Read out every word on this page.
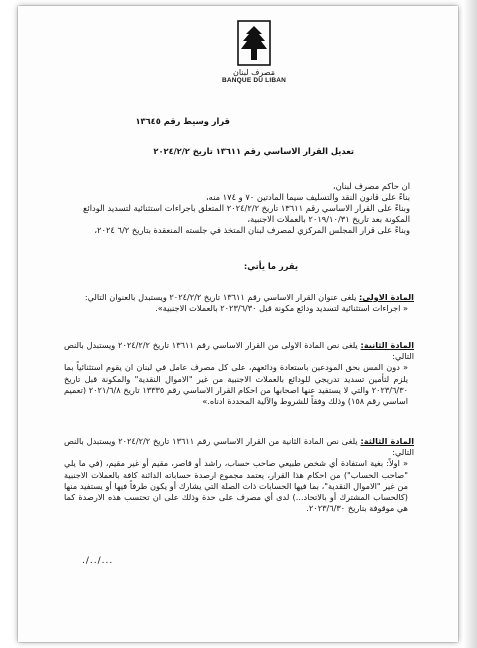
مَصرف لبنان
BANQUE DU LIBAN
قرار وسيط رقم ١٣٦٤٥
تعديل القرار الاساسي رقم ١٣٦١١ تاريخ ٢٠٢٤/٢/٢
ان حاكم مصرف لبنان،
بناءً على قانون النقد والتسليف سيما المادتين ٧٠ و ١٧٤ منه،
وبناءً على القرار الاساسي رقم ١٣٦١١ تاريخ ٢٠٢٤/٢/٢ المتعلق باجراءات استثنائية لتسديد الودائع
المكونة بعد تاريخ ٢٠١٩/١٠/٣١ بالعملات الاجنبية،
وبناءً على قرار المجلس المركزي لمصرف لبنان المتخذ في جلسته المنعقدة بتاريخ ٦/٢ ٢٠٢٤،
يقرر ما يأتي:

المادة الاولى: يلغى عنوان القرار الاساسي رقم ١٣٦١١ تاريخ ٢٠٢٤/٢/٢ ويستبدل بالعنوان التالي:

« اجراءات استثنائية لتسديد ودائع مكونة قبل ٢٠٢٣/٦/٣٠ بالعملات الاجنبية».

المادة الثانية: يلغى نص المادة الاولى من القرار الاساسي رقم ١٣٦١١ تاريخ ٢٠٢٤/٢/٢ ويستبدل بالنص التالي:

« دون المس بحق المودعين باستعادة ودائعهم، على كل مصرف عامل في لبنان ان يقوم استثنائياً بما يلزم لتأمين تسديد تدريجي للودائع بالعملات الاجنبية من غير "الاموال النقدية" والمكونة قبل تاريخ ٢٠٢٣/٦/٣٠ والتي لا يستفيد عنها اصحابها من احكام القرار الاساسي رقم ١٣٣٣٥ تاريخ ٢٠٢١/٦/٨ (تعميم اساسي رقم ١٥٨) وذلك وفقاً للشروط والآلية المحددة ادناه.»

المادة الثالثة: يلغى نص المادة الثانية من القرار الاساسي رقم ١٣٦١١ تاريخ ٢٠٢٤/٢/٢ ويستبدل بالنص التالي:

« اولاً: بغية استفادة أي شخص طبيعي صاحب حساب، راشد أو قاصر، مقيم أو غير مقيم، (في ما يلي "صاحب الحساب") من احكام هذا القرار، يعتمد مجموع ارصدة حساباته الدائنة كافة بالعملات الاجنبية من غير "الاموال النقدية"، بما فيها الحسابات ذات الصلة التي يشارك أو يكون طرفاً فيها أو يستفيد منها (كالحساب المشترك أو بالاتحاد...) لدى أي مصرف على حدة وذلك على ان تحتسب هذه الارصدة كما هي موقوفة بتاريخ ٢٠٢٣/٦/٣٠.

./../...
